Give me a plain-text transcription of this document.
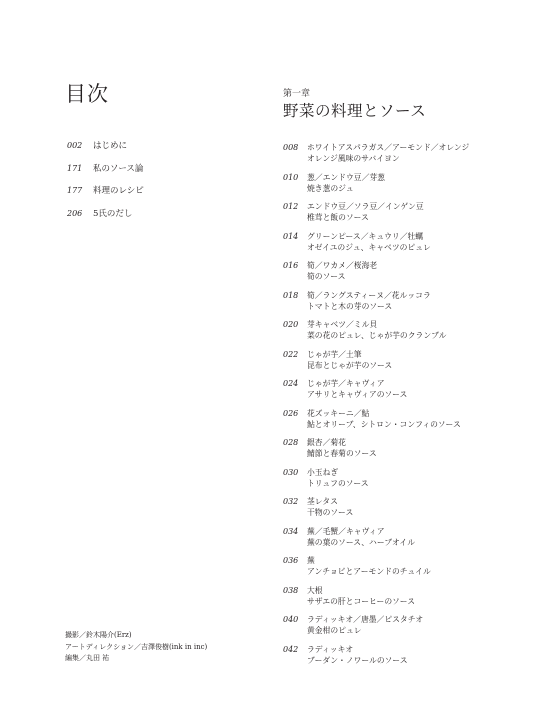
目次
002	はじめに
171	私のソース論
177	料理のレシピ
206	5氏のだし
第一章
野菜の料理とソース
008	ホワイトアスパラガス／アーモンド／オレンジ
オレンジ風味のサバイヨン
010	葱／エンドウ豆／芽葱
焼き葱のジュ
012	エンドウ豆／ソラ豆／インゲン豆
椎茸と飯のソース
014	グリーンピース／キュウリ／牡蠣
オゼイユのジュ、キャベツのピュレ
016	筍／ワカメ／桜海老
筍のソース
018	筍／ラングスティーヌ／花ルッコラ
トマトと木の芽のソース
020	芽キャベツ／ミル貝
菜の花のピュレ、じゃが芋のクランブル
022	じゃが芋／土筆
昆布とじゃが芋のソース
024	じゃが芋／キャヴィア
アサリとキャヴィアのソース
026	花ズッキーニ／鮎
鮎とオリーブ、シトロン・コンフィのソース
028	銀杏／菊花
鯖節と春菊のソース
030	小玉ねぎ
トリュフのソース
032	茎レタス
干物のソース
034	蕪／毛蟹／キャヴィア
蕪の葉のソース、ハーブオイル
036	蕪
アンチョビとアーモンドのチュイル
038	大根
サザエの肝とコーヒーのソース
040	ラディッキオ／唐墨／ピスタチオ
黄金柑のピュレ
042	ラディッキオ
ブーダン・ノワールのソース
撮影／鈴木陽介(Erz)
アートディレクション／吉澤俊樹(ink in inc)
編集／丸田 祐
